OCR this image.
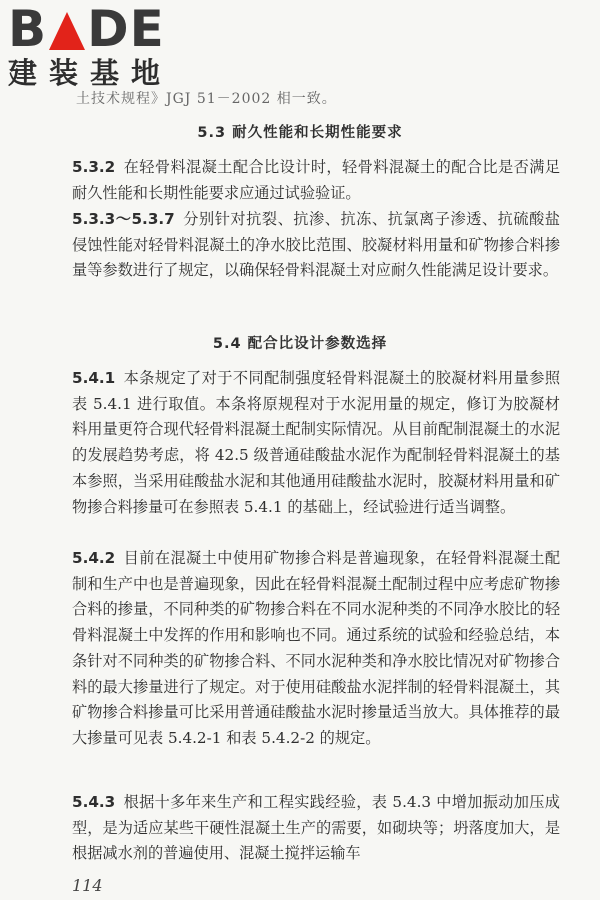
B DE
建装基地
土技术规程》JGJ 51－2002 相一致。
5.3 耐久性能和长期性能要求

5.3.2 在轻骨料混凝土配合比设计时，轻骨料混凝土的配合比是否满足耐久性能和长期性能要求应通过试验验证。

5.3.3～5.3.7 分别针对抗裂、抗渗、抗冻、抗氯离子渗透、抗硫酸盐侵蚀性能对轻骨料混凝土的净水胶比范围、胶凝材料用量和矿物掺合料掺量等参数进行了规定，以确保轻骨料混凝土对应耐久性能满足设计要求。

5.4 配合比设计参数选择

5.4.1 本条规定了对于不同配制强度轻骨料混凝土的胶凝材料用量参照表 5.4.1 进行取值。本条将原规程对于水泥用量的规定，修订为胶凝材料用量更符合现代轻骨料混凝土配制实际情况。从目前配制混凝土的水泥的发展趋势考虑，将 42.5 级普通硅酸盐水泥作为配制轻骨料混凝土的基本参照，当采用硅酸盐水泥和其他通用硅酸盐水泥时，胶凝材料用量和矿物掺合料掺量可在参照表 5.4.1 的基础上，经试验进行适当调整。

5.4.2 目前在混凝土中使用矿物掺合料是普遍现象，在轻骨料混凝土配制和生产中也是普遍现象，因此在轻骨料混凝土配制过程中应考虑矿物掺合料的掺量，不同种类的矿物掺合料在不同水泥种类的不同净水胶比的轻骨料混凝土中发挥的作用和影响也不同。通过系统的试验和经验总结，本条针对不同种类的矿物掺合料、不同水泥种类和净水胶比情况对矿物掺合料的最大掺量进行了规定。对于使用硅酸盐水泥拌制的轻骨料混凝土，其矿物掺合料掺量可比采用普通硅酸盐水泥时掺量适当放大。具体推荐的最大掺量可见表 5.4.2-1 和表 5.4.2-2 的规定。

5.4.3 根据十多年来生产和工程实践经验，表 5.4.3 中增加振动加压成型，是为适应某些干硬性混凝土生产的需要，如砌块等；坍落度加大，是根据减水剂的普遍使用、混凝土搅拌运输车

114
